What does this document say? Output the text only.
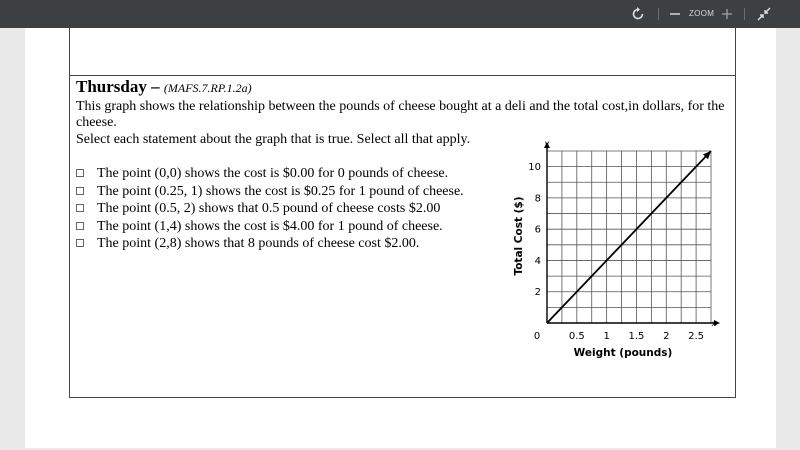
ZOOM
Thursday – (MAFS.7.RP.1.2a)
This graph shows the relationship between the pounds of cheese bought at a deli and the total cost,in dollars, for the cheese.
Select each statement about the graph that is true. Select all that apply.
The point (0,0) shows the cost is $0.00 for 0 pounds of cheese.
The point (0.25, 1) shows the cost is $0.25 for 1 pound of cheese.
The point (0.5, 2) shows that 0.5 pound of cheese costs $2.00
The point (1,4) shows the cost is $4.00 for 1 pound of cheese.
The point (2,8) shows that 8 pounds of cheese cost $2.00.
0.5 1 1.5 2 2.5
2
4
6
8
10
Weight (pounds)
Total Cost ($)
y
x
0
